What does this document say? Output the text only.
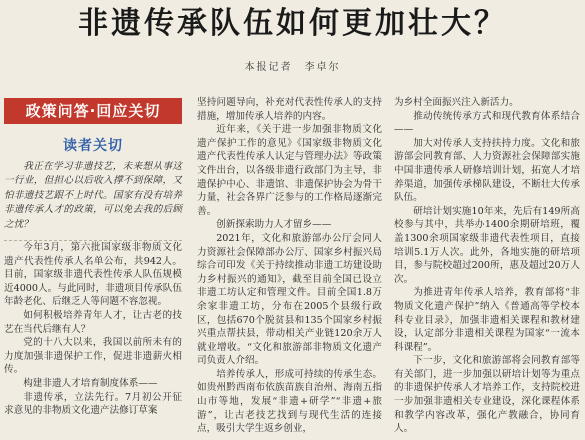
非遗传承队伍如何更加壮大？
本报记者　李卓尔
政策问答·回应关切
读者关切

我正在学习非遗技艺，未来想从事这一行业，但担心以后收入撑不到保障，又怕非遗技艺跟不上时代。国家有没有培养非遗传承人才的政策，可以免去我的后顾之忧？

今年3月，第六批国家级非物质文化遗产代表性传承人名单公布，共942人。目前，国家级非遗代表性传承人队伍规模近4000人。与此同时，非遗项目传承队伍年龄老化、后继乏人等问题不容忽视。

如何积极培养青年人才，让古老的技艺在当代后继有人？

党的十八大以来，我国以前所未有的力度加强非遗保护工作，促进非遗薪火相传。

构建非遗人才培育制度体系——

非遗传承，立法先行。7月初公开征求意见的非物质文化遗产法修订草案

坚持问题导向，补充对代表性传承人的支持措施，增加传承人培养的内容。

近年来，《关于进一步加强非物质文化遗产保护工作的意见》《国家级非物质文化遗产代表性传承人认定与管理办法》等政策文件出台，以各级非遗行政部门为主导，非遗保护中心、非遗馆、非遗保护协会为骨干力量，社会各界广泛参与的工作格局逐渐完善。

创新探索助力人才留乡——

2021年，文化和旅游部办公厅会同人力资源社会保障部办公厅、国家乡村振兴局综合司印发《关于持续推动非遗工坊建设助力乡村振兴的通知》，截至目前全国已设立非遗工坊认定和管理文件。目前全国1.8万余家非遗工坊，分布在2005个县级行政区，包括670个脱贫县和135个国家乡村振兴重点帮扶县，带动相关产业链120余万人就业增收。“文化和旅游部非物质文化遗产司负责人介绍。

培养传承人，形成可持续的传承生态。如贵州黔西南布依族苗族自治州、海南五指山市等地，发展“非遗+研学”“非遗+旅游”，让古老技艺找到与现代生活的连接点，吸引大学生返乡创业，

为乡村全面振兴注入新活力。

推动传统传承方式和现代教育体系结合——

加大对传承人支持扶持力度。文化和旅游部会同教育部、人力资源社会保障部实施中国非遗传承人研修培训计划，拓宽人才培养渠道，加强传承梯队建设，不断壮大传承队伍。

研培计划实施10年来，先后有149所高校参与其中，共举办1400余期研培班，覆盖1300余项国家级非遗代表性项目，直接培训5.1万人次。此外，各地实施的研培项目，参与院校超过200所，惠及超过20万人次。

为推进青年传承人培养，教育部将“非物质文化遗产保护”纳入《普通高等学校本科专业目录》，加强非遗相关课程和教材建设，认定部分非遗相关课程为国家“一流本科课程”。

下一步，文化和旅游部将会同教育部等有关部门，进一步加强以研培计划等为重点的非遗保护传承人才培养工作，支持院校进一步加强非遗相关专业建设，深化课程体系和教学内容改革，强化产教融合，协同育人。
